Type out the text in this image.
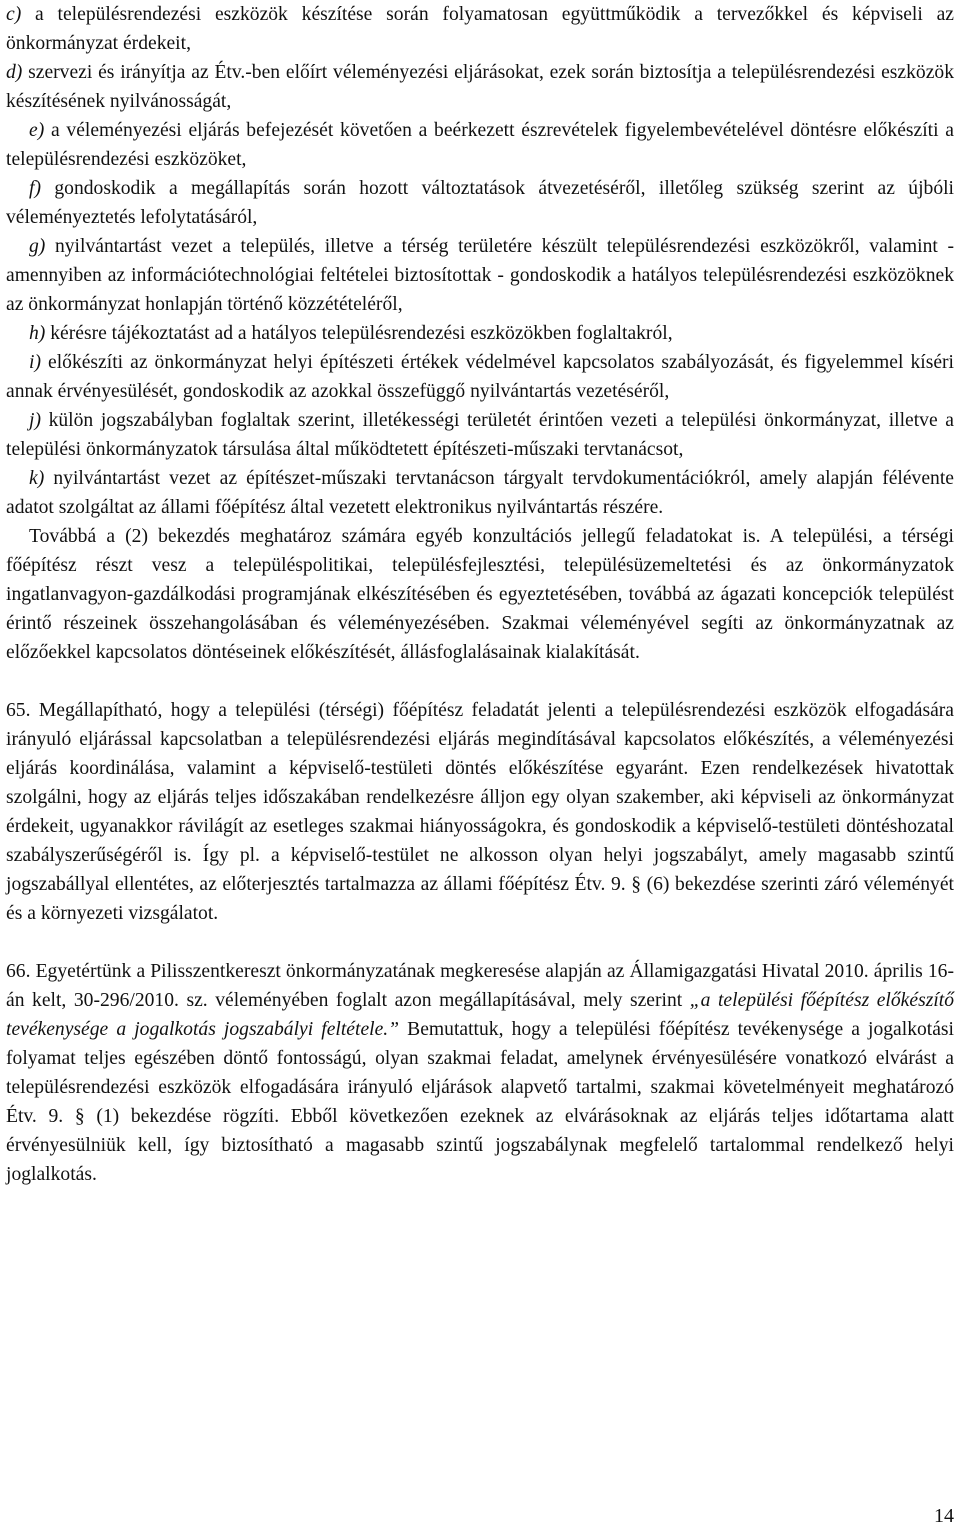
c) a településrendezési eszközök készítése során folyamatosan együttműködik a tervezőkkel és képviseli az önkormányzat érdekeit,

d) szervezi és irányítja az Étv.-ben előírt véleményezési eljárásokat, ezek során biztosítja a településrendezési eszközök készítésének nyilvánosságát,

e) a véleményezési eljárás befejezését követően a beérkezett észrevételek figyelembevételével döntésre előkészíti a településrendezési eszközöket,

f) gondoskodik a megállapítás során hozott változtatások átvezetéséről, illetőleg szükség szerint az újbóli véleményeztetés lefolytatásáról,

g) nyilvántartást vezet a település, illetve a térség területére készült településrendezési eszközökről, valamint - amennyiben az információtechnológiai feltételei biztosítottak - gondoskodik a hatályos településrendezési eszközöknek az önkormányzat honlapján történő közzétételéről,

h) kérésre tájékoztatást ad a hatályos településrendezési eszközökben foglaltakról,

i) előkészíti az önkormányzat helyi építészeti értékek védelmével kapcsolatos szabályozását, és figyelemmel kíséri annak érvényesülését, gondoskodik az azokkal összefüggő nyilvántartás vezetéséről,

j) külön jogszabályban foglaltak szerint, illetékességi területét érintően vezeti a települési önkormányzat, illetve a települési önkormányzatok társulása által működtetett építészeti-műszaki tervtanácsot,

k) nyilvántartást vezet az építészet-műszaki tervtanácson tárgyalt tervdokumentációkról, amely alapján félévente adatot szolgáltat az állami főépítész által vezetett elektronikus nyilvántartás részére.

Továbbá a (2) bekezdés meghatároz számára egyéb konzultációs jellegű feladatokat is. A települési, a térségi főépítész részt vesz a településpolitikai, településfejlesztési, településüzemeltetési és az önkormányzatok ingatlanvagyon-gazdálkodási programjának elkészítésében és egyeztetésében, továbbá az ágazati koncepciók települést érintő részeinek összehangolásában és véleményezésében. Szakmai véleményével segíti az önkormányzatnak az előzőekkel kapcsolatos döntéseinek előkészítését, állásfoglalásainak kialakítását.

65. Megállapítható, hogy a települési (térségi) főépítész feladatát jelenti a településrendezési eszközök elfogadására irányuló eljárással kapcsolatban a településrendezési eljárás megindításával kapcsolatos előkészítés, a véleményezési eljárás koordinálása, valamint a képviselő-testületi döntés előkészítése egyaránt. Ezen rendelkezések hivatottak szolgálni, hogy az eljárás teljes időszakában rendelkezésre álljon egy olyan szakember, aki képviseli az önkormányzat érdekeit, ugyanakkor rávilágít az esetleges szakmai hiányosságokra, és gondoskodik a képviselő-testületi döntéshozatal szabályszerűségéről is. Így pl. a képviselő-testület ne alkosson olyan helyi jogszabályt, amely magasabb szintű jogszabállyal ellentétes, az előterjesztés tartalmazza az állami főépítész Étv. 9. § (6) bekezdése szerinti záró véleményét és a környezeti vizsgálatot.

66. Egyetértünk a Pilisszentkereszt önkormányzatának megkeresése alapján az Államigazgatási Hivatal 2010. április 16-án kelt, 30-296/2010. sz. véleményében foglalt azon megállapításával, mely szerint „a települési főépítész előkészítő tevékenysége a jogalkotás jogszabályi feltétele.” Bemutattuk, hogy a települési főépítész tevékenysége a jogalkotási folyamat teljes egészében döntő fontosságú, olyan szakmai feladat, amelynek érvényesülésére vonatkozó elvárást a településrendezési eszközök elfogadására irányuló eljárások alapvető tartalmi, szakmai követelményeit meghatározó Étv. 9. § (1) bekezdése rögzíti. Ebből következően ezeknek az elvárásoknak az eljárás teljes időtartama alatt érvényesülniük kell, így biztosítható a magasabb szintű jogszabálynak megfelelő tartalommal rendelkező helyi joglalkotás.

14
